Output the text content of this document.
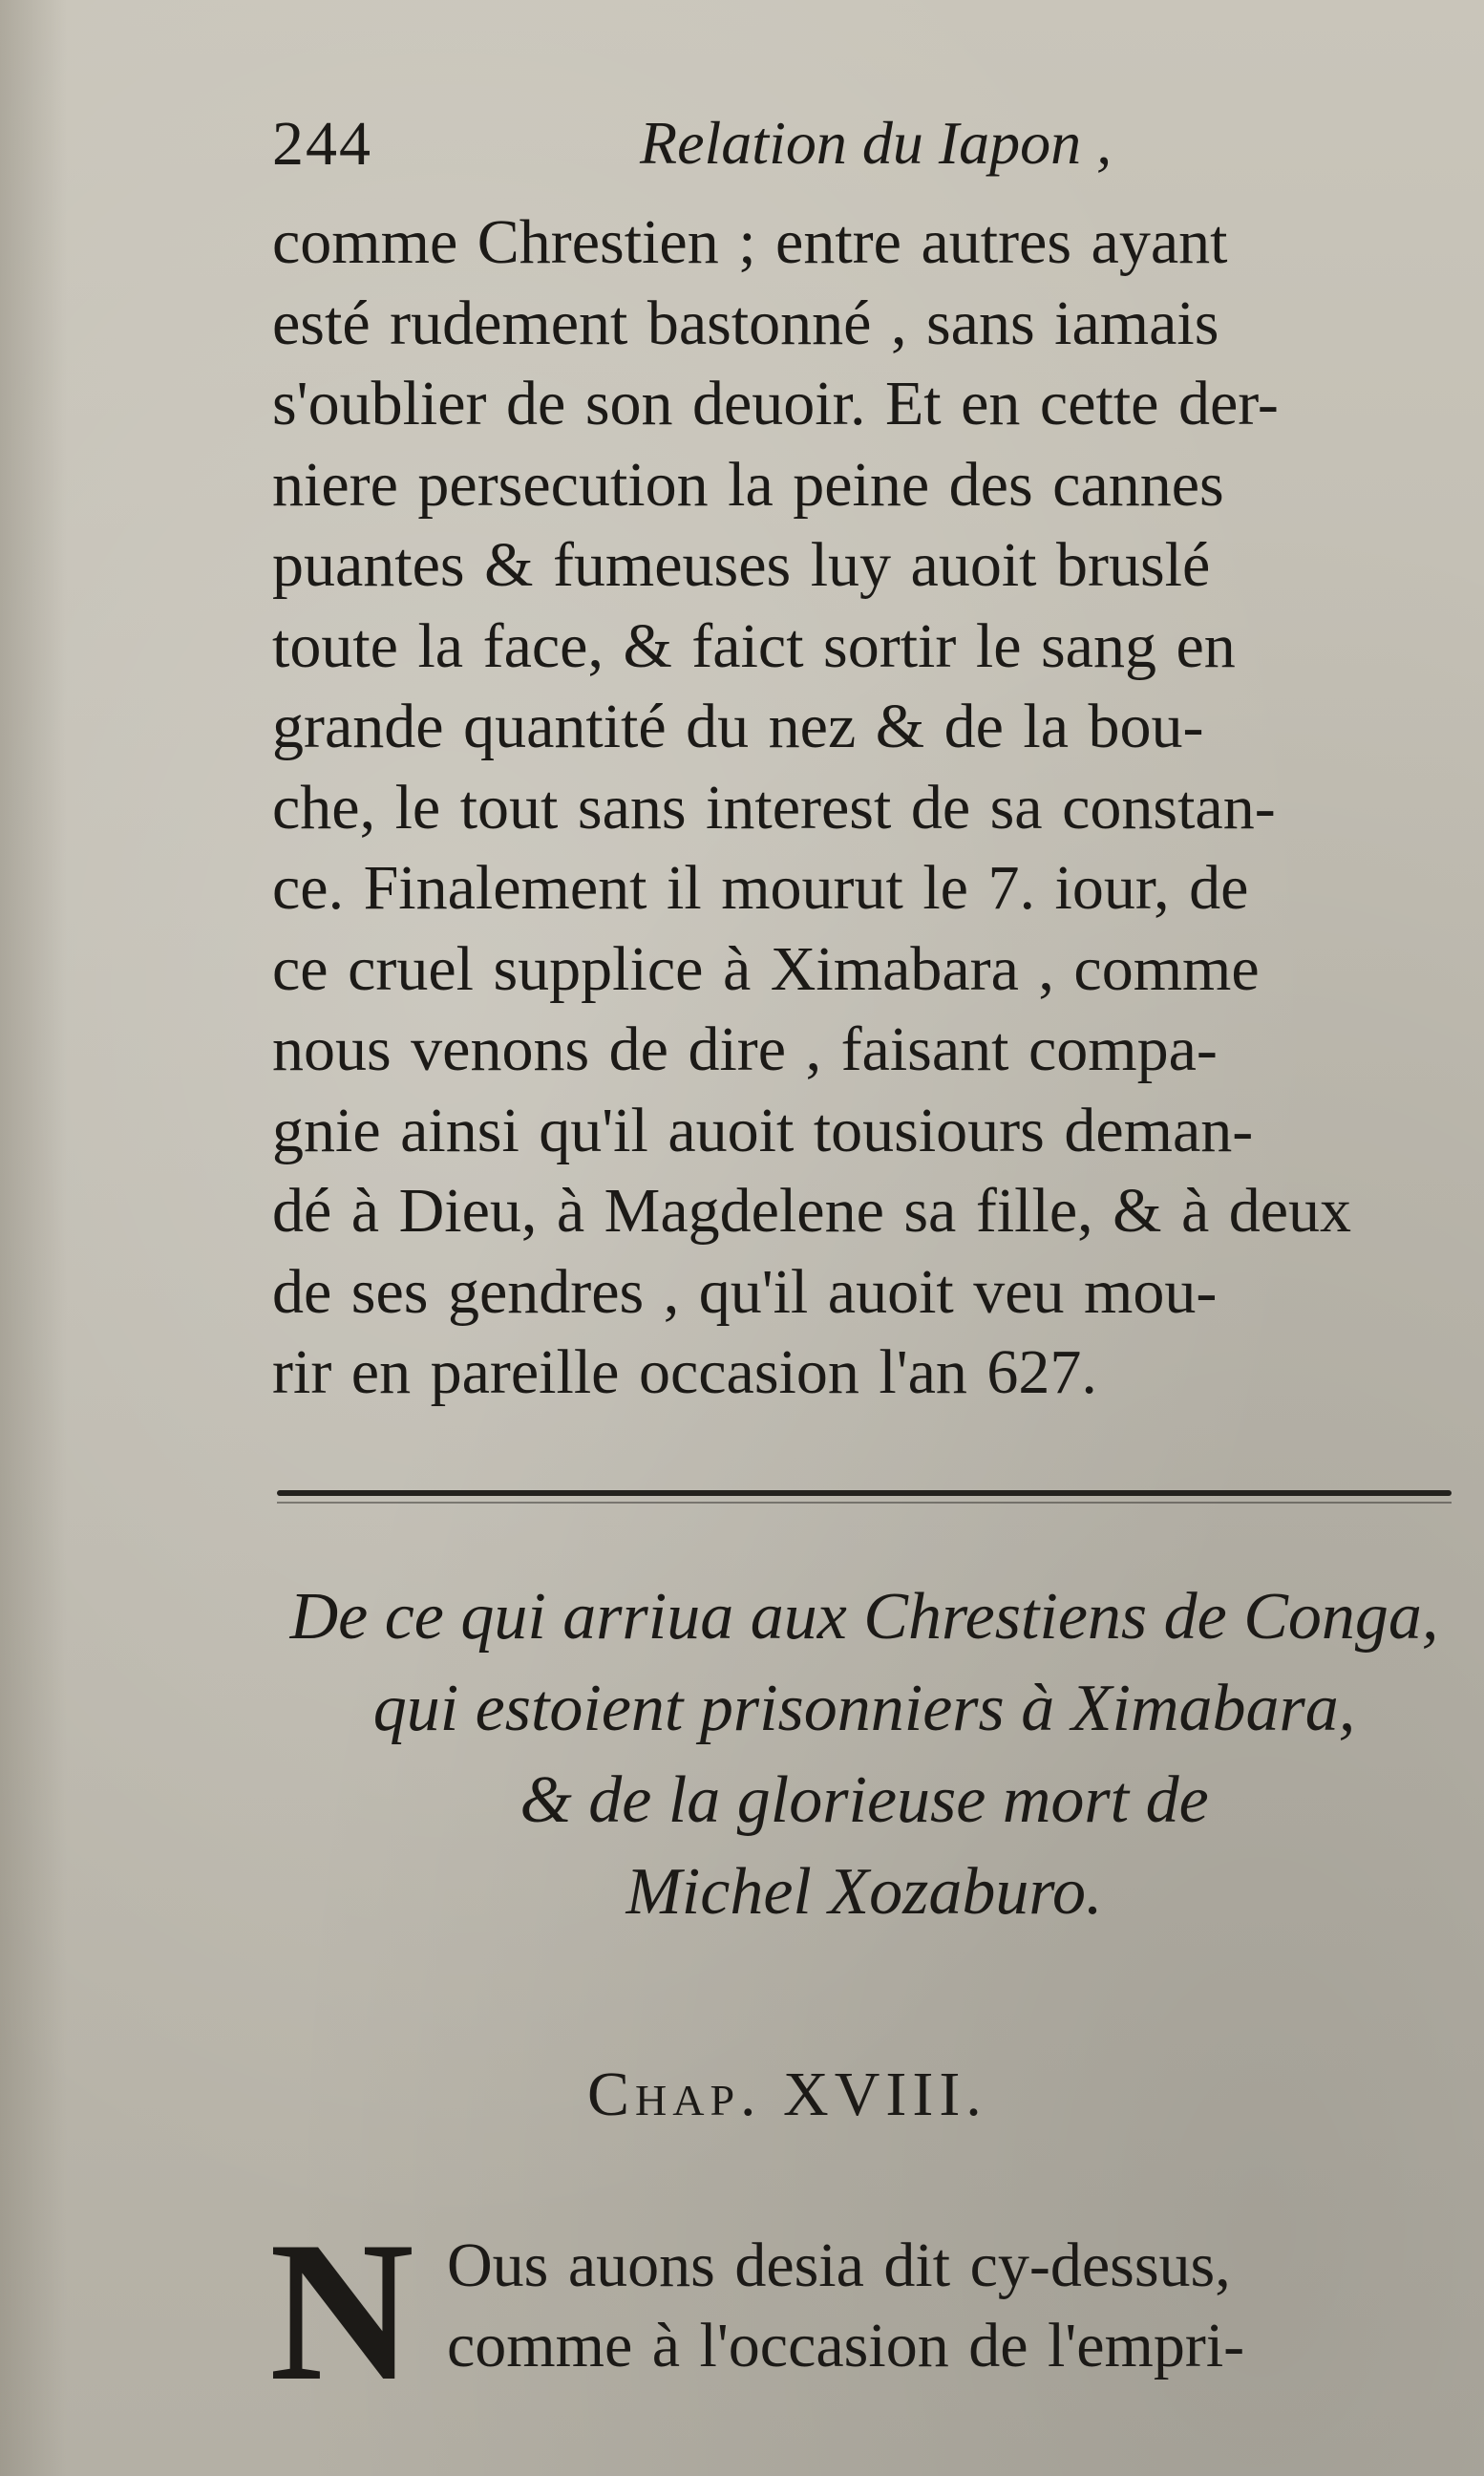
244	Relation du Iapon ,
comme Chrestien ; entre autres ayant
esté rudement bastonné , sans iamais
s'oublier de son deuoir. Et en cette der-
niere persecution la peine des cannes
puantes & fumeuses luy auoit bruslé
toute la face, & faict sortir le sang en
grande quantité du nez & de la bou-
che, le tout sans interest de sa constan-
ce. Finalement il mourut le 7. iour, de
ce cruel supplice à Ximabara , comme
nous venons de dire , faisant compa-
gnie ainsi qu'il auoit tousiours deman-
dé à Dieu, à Magdelene sa fille, & à deux
de ses gendres , qu'il auoit veu mou-
rir en pareille occasion l'an 627.
De ce qui arriua aux Chrestiens de Conga,
qui estoient prisonniers à Ximabara,
& de la glorieuse mort de
Michel Xozaburo.
Chap. XVIII.
N Ous auons desia dit cy-dessus,
comme à l'occasion de l'empri-
